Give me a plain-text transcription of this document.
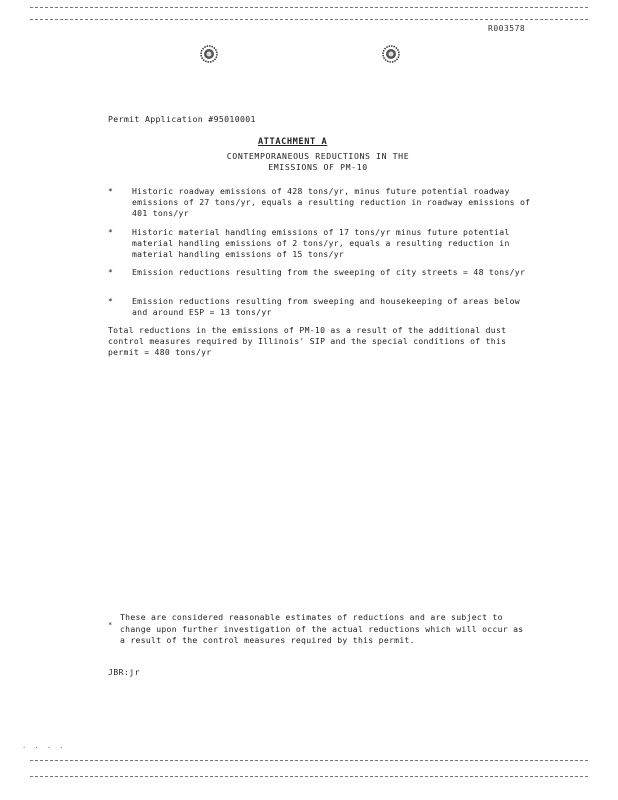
R003578
Permit Application #95010001
ATTACHMENT A
CONTEMPORANEOUS REDUCTIONS IN THE EMISSIONS OF PM-10
* Historic roadway emissions of 428 tons/yr, minus future potential roadway emissions of 27 tons/yr, equals a resulting reduction in roadway emissions of 401 tons/yr
* Historic material handling emissions of 17 tons/yr minus future potential material handling emissions of 2 tons/yr, equals a resulting reduction in material handling emissions of 15 tons/yr
* Emission reductions resulting from the sweeping of city streets = 48 tons/yr
* Emission reductions resulting from sweeping and housekeeping of areas below and around ESP = 13 tons/yr
Total reductions in the emissions of PM-10 as a result of the additional dust control measures required by Illinois' SIP and the special conditions of this permit = 480 tons/yr
*
These are considered reasonable estimates of reductions and are subject to change upon further investigation of the actual reductions which will occur as a result of the control measures required by this permit.
JBR:jr
· · · ·
